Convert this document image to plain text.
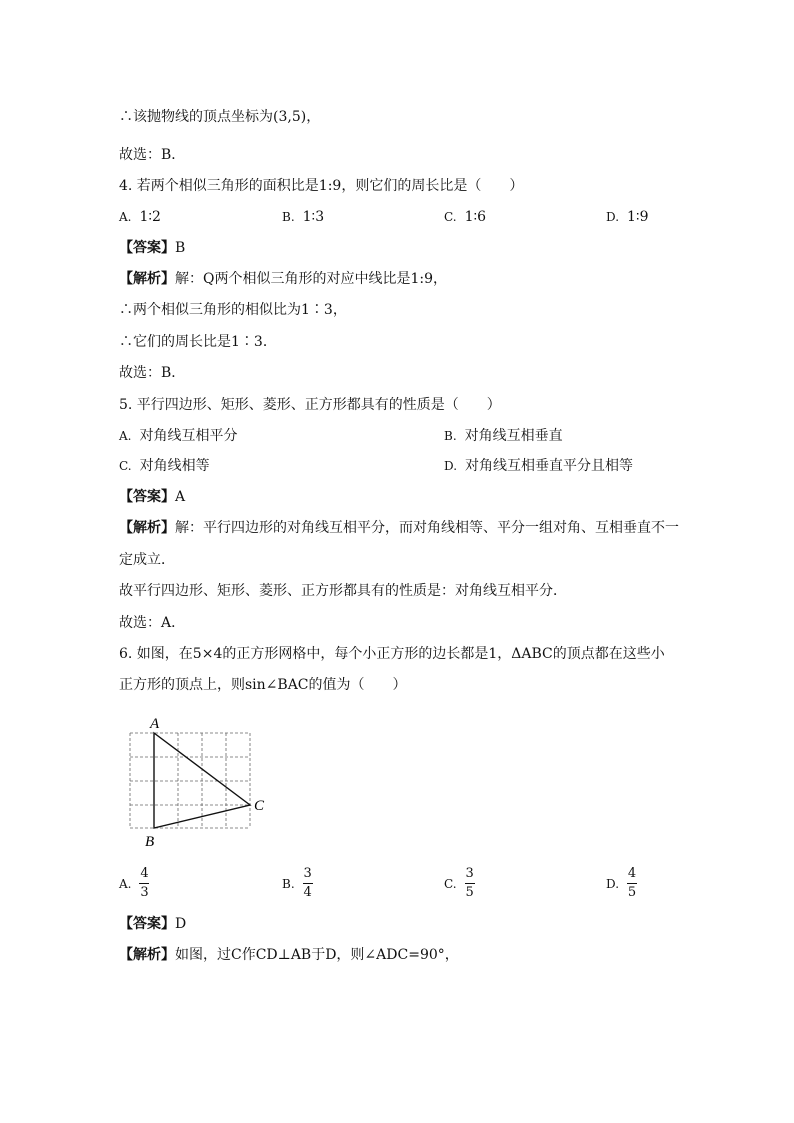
∴该抛物线的顶点坐标为(3,5)，
故选：B．
4. 若两个相似三角形的面积比是1:9，则它们的周长比是（　　）
A. 1∶2	B. 1∶3	C. 1∶6	D. 1∶9
【答案】B
【解析】解：Q两个相似三角形的对应中线比是1:9，
∴两个相似三角形的相似比为1∶3，
∴它们的周长比是1∶3．
故选：B．
5. 平行四边形、矩形、菱形、正方形都具有的性质是（　　）
A. 对角线互相平分	B. 对角线互相垂直
C. 对角线相等	D. 对角线互相垂直平分且相等
【答案】A
【解析】解：平行四边形的对角线互相平分，而对角线相等、平分一组对角、互相垂直不一
定成立．
故平行四边形、矩形、菱形、正方形都具有的性质是：对角线互相平分．
故选：A．
6. 如图，在5×4的正方形网格中，每个小正方形的边长都是1，ΔABC的顶点都在这些小
正方形的顶点上，则sin∠BAC的值为（　　）
A
B
C
A. $\frac{4}{3}$	B. $\frac{3}{4}$	C. $\frac{3}{5}$	D. $\frac{4}{5}$
【答案】D
【解析】如图，过C作CD⊥AB于D，则∠ADC=90°，
